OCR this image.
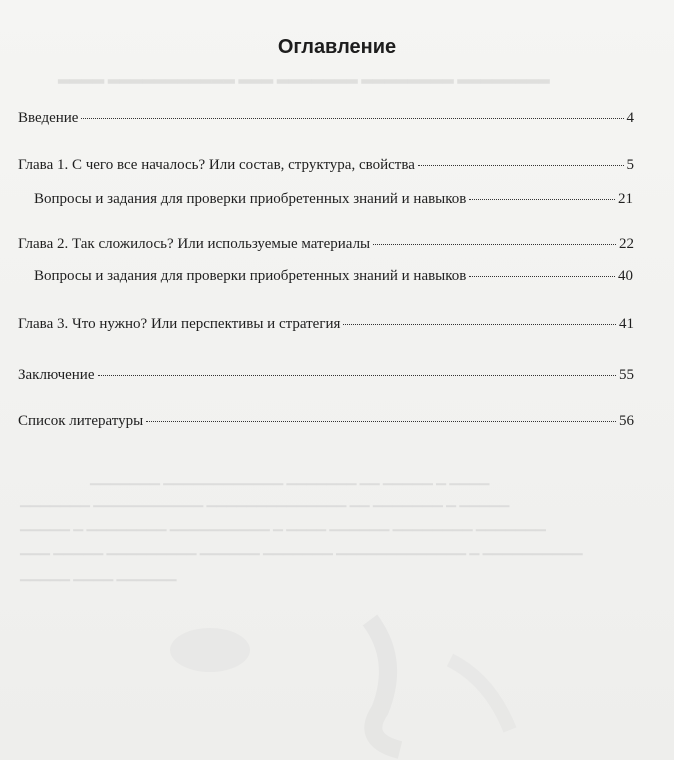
▂▂▂▂ ▂▂▂▂▂▂▂▂▂▂▂ ▂▂▂ ▂▂▂▂▂▂▂ ▂▂▂▂▂▂▂▂ ▂▂▂▂▂▂▂▂
▁▁▁▁▁▁▁ ▁▁▁▁▁▁▁▁▁▁▁▁ ▁▁▁▁▁▁▁ ▁▁ ▁▁▁▁▁ ▁ ▁▁▁▁
▁▁▁▁▁▁▁ ▁▁▁▁▁▁▁▁▁▁▁ ▁▁▁▁▁▁▁▁▁▁▁▁▁▁ ▁▁ ▁▁▁▁▁▁▁ ▁ ▁▁▁▁▁
▁▁▁▁▁ ▁ ▁▁▁▁▁▁▁▁ ▁▁▁▁▁▁▁▁▁▁ ▁ ▁▁▁▁ ▁▁▁▁▁▁ ▁▁▁▁▁▁▁▁ ▁▁▁▁▁▁▁
▁▁▁ ▁▁▁▁▁ ▁▁▁▁▁▁▁▁▁ ▁▁▁▁▁▁ ▁▁▁▁▁▁▁ ▁▁▁▁▁▁▁▁▁▁▁▁▁ ▁ ▁▁▁▁▁▁▁▁▁▁
▁▁▁▁▁ ▁▁▁▁ ▁▁▁▁▁▁
Оглавление
Введение	4
Глава 1. С чего все началось? Или состав, структура, свойства	5
Вопросы и задания для проверки приобретенных знаний и навыков	21
Глава 2. Так сложилось? Или используемые материалы	22
Вопросы и задания для проверки приобретенных знаний и навыков	40
Глава 3. Что нужно? Или перспективы и стратегия	41
Заключение	55
Список литературы	56
